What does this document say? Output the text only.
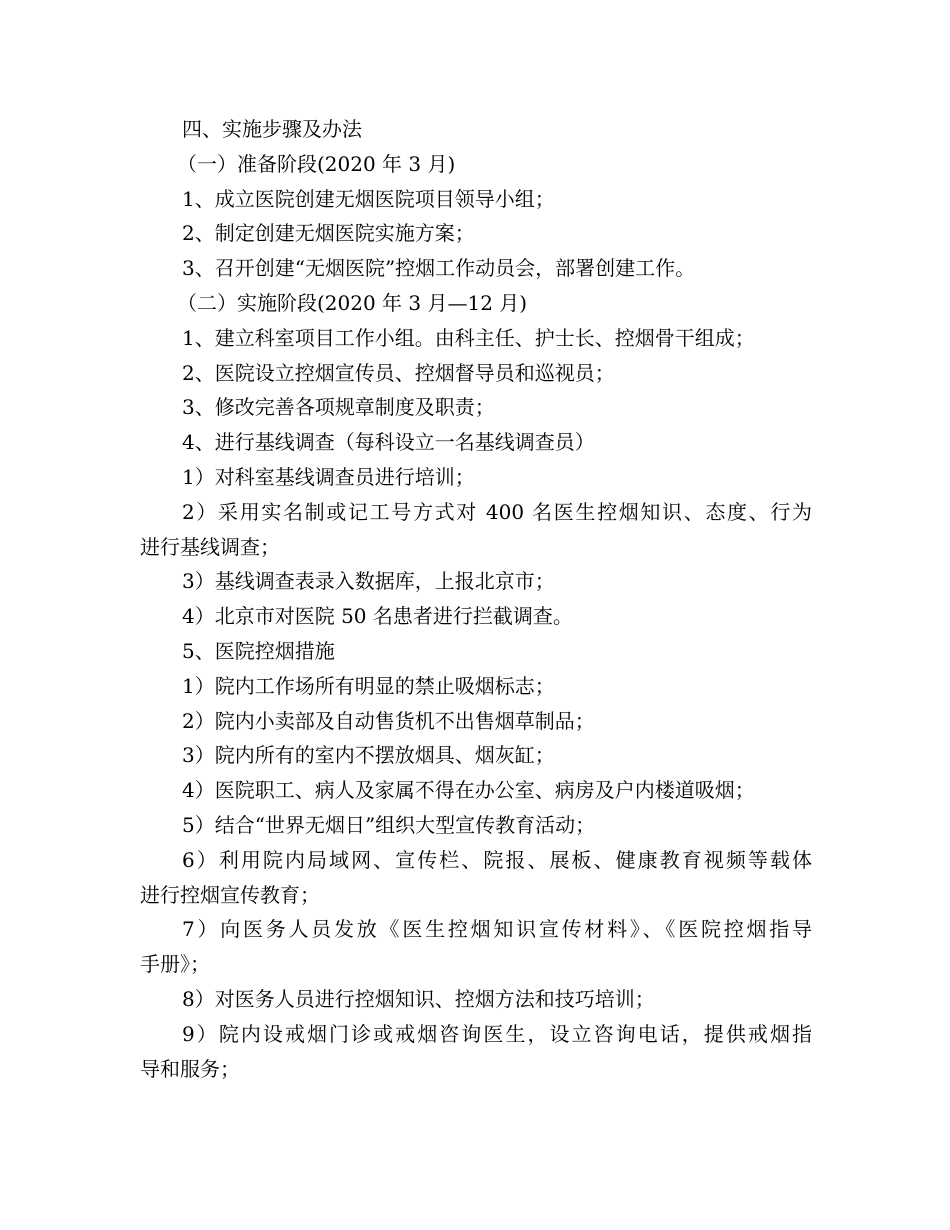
四、实施步骤及办法
（一）准备阶段(2020 年 3 月)
1、成立医院创建无烟医院项目领导小组；
2、制定创建无烟医院实施方案；
3、召开创建“无烟医院”控烟工作动员会，部署创建工作。
（二）实施阶段(2020 年 3 月—12 月)
1、建立科室项目工作小组。由科主任、护士长、控烟骨干组成；
2、医院设立控烟宣传员、控烟督导员和巡视员；
3、修改完善各项规章制度及职责；
4、进行基线调查（每科设立一名基线调查员）
1）对科室基线调查员进行培训；
2）采用实名制或记工号方式对 400 名医生控烟知识、态度、行为
进行基线调查；
3）基线调查表录入数据库，上报北京市；
4）北京市对医院 50 名患者进行拦截调查。
5、医院控烟措施
1）院内工作场所有明显的禁止吸烟标志；
2）院内小卖部及自动售货机不出售烟草制品；
3）院内所有的室内不摆放烟具、烟灰缸；
4）医院职工、病人及家属不得在办公室、病房及户内楼道吸烟；
5）结合“世界无烟日”组织大型宣传教育活动；
6）利用院内局域网、宣传栏、院报、展板、健康教育视频等载体
进行控烟宣传教育；
7）向医务人员发放《医生控烟知识宣传材料》、《医院控烟指导
手册》；
8）对医务人员进行控烟知识、控烟方法和技巧培训；
9）院内设戒烟门诊或戒烟咨询医生，设立咨询电话，提供戒烟指
导和服务；
